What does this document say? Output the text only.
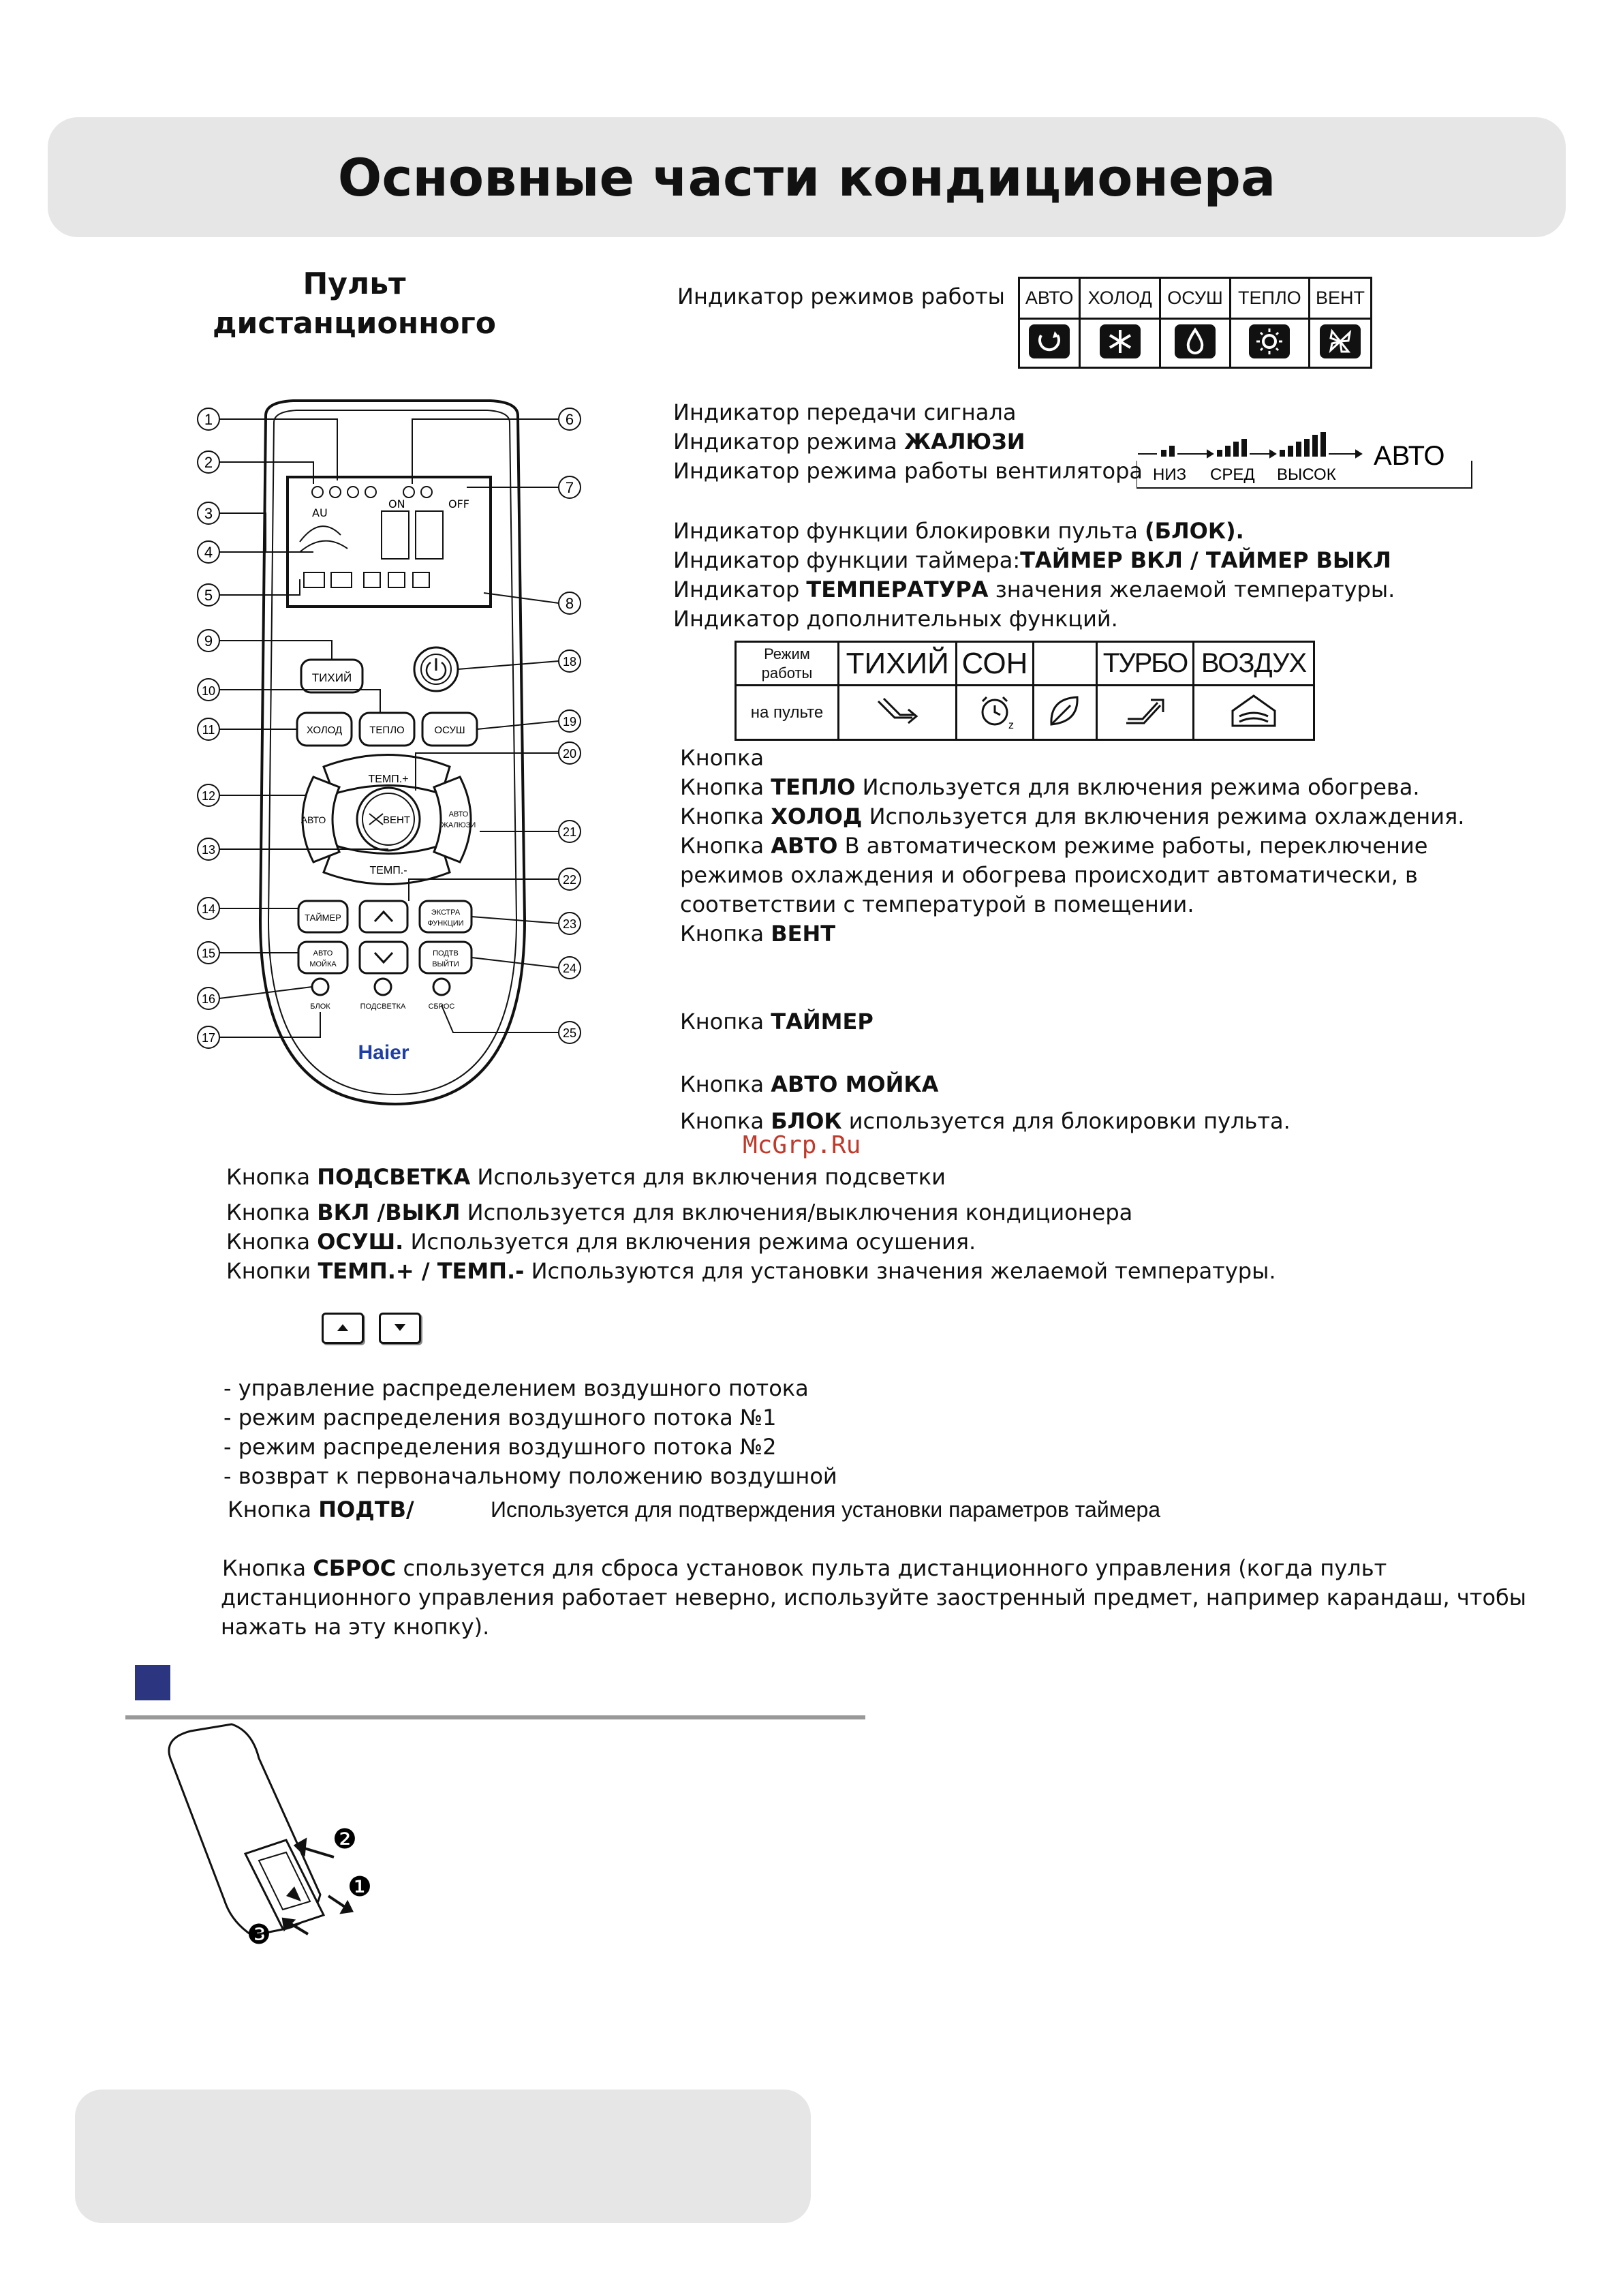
Основные части кондиционера
Пульт
дистанционного
AU
ON	OFF
ТИХИЙ
ХОЛОД	ТЕПЛО	ОСУШ
ТЕМП.+
ТЕМП.-
АВТО	АВТО
ЖАЛЮЗИ
ВЕНТ
ТАЙМЕР	ЭКСТРА
ФУНКЦИИ
АВТО
МОЙКА
ПОДТВ
ВЫЙТИ
БЛОК	ПОДСВЕТКА	СБРОС
Haier
1
2
3
4
5
6
7
8
9
10
11
12
13
14
15
16
17
18
19
20
21
22
23
24
25
Индикатор режимов работы АВТО	ХОЛОД	ОСУШ	ТЕПЛО	ВЕНТ

Индикатор передачи сигнала
Индикатор режима ЖАЛЮЗИ
Индикатор режима работы вентилятора НИЗ СРЕД ВЫСОК
АВТО
Индикатор функции блокировки пульта (БЛОК).
Индикатор функции таймера:ТАЙМЕР ВКЛ / ТАЙМЕР ВЫКЛ
Индикатор ТЕМПЕРАТУРА значения желаемой температуры.
Индикатор дополнительных функций.
Режим
работы	ТИХИЙ	СОН		ТУРБО	ВОЗДУХ
на пульте		z

Кнопка
Кнопка ТЕПЛО Используется для включения режима обогрева.
Кнопка ХОЛОД Используется для включения режима охлаждения.
Кнопка АВТО В автоматическом режиме работы, переключение
режимов охлаждения и обогрева происходит автоматически, в
соответствии с температурой в помещении.
Кнопка ВЕНТ
Кнопка ТАЙМЕР
Кнопка АВТО МОЙКА
Кнопка БЛОК используется для блокировки пульта.
McGrp.Ru
Кнопка ПОДСВЕТКА Используется для включения подсветки
Кнопка ВКЛ /ВЫКЛ Используется для включения/выключения кондиционера
Кнопка ОСУШ. Используется для включения режима осушения.
Кнопки ТЕМП.+ / ТЕМП.- Используются для установки значения желаемой температуры.
- управление распределением воздушного потока
- режим распределения воздушного потока №1
- режим распределения воздушного потока №2
- возврат к первоначальному положению воздушной
Кнопка ПОДТВ/	Используется для подтверждения установки параметров таймера
Кнопка СБРОС спользуется для сброса установок пульта дистанционного управления (когда пульт
дистанционного управления работает неверно, используйте заостренный предмет, например карандаш, чтобы
нажать на эту кнопку).
❷
❶
❸
